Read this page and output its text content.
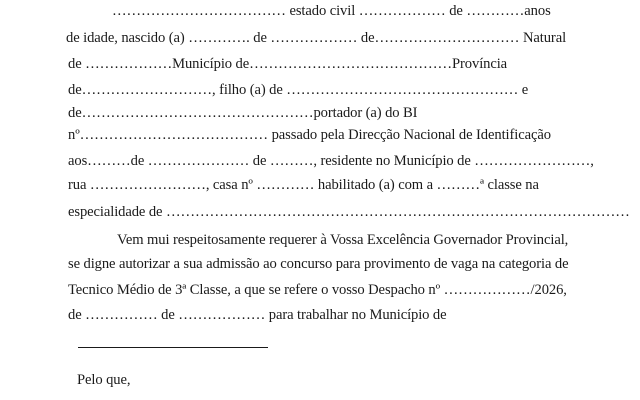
……………………………… estado civil ……………… de …………anos
de idade, nascido (a) …………. de ……………… de………………………… Natural
de ………………Município de……………………………………Província
de………………………, filho (a) de ………………………………………… e
de…………………………………………portador (a) do BI
nº………………………………… passado pela Direcção Nacional de Identificação
aos………de ………………… de ………, residente no Município de ……………………,
rua ……………………, casa nº ………… habilitado (a) com a ………ª classe na
especialidade de ……………………………………………………………………………………
Vem mui respeitosamente requerer à Vossa Excelência Governador Provincial,
se digne autorizar a sua admissão ao concurso para provimento de vaga na categoria de
Tecnico Médio de 3ª Classe, a que se refere o vosso Despacho nº ………………/2026,
de …………… de ……………… para trabalhar no Município de
Pelo que,
